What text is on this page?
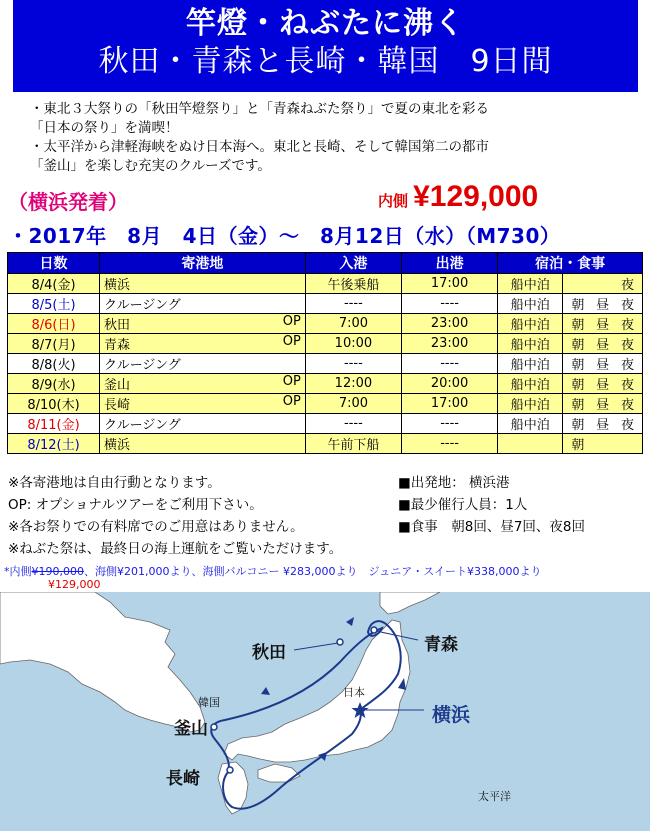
竿燈・ねぶたに沸く
秋田・青森と長崎・韓国　9日間
・東北３大祭りの「秋田竿燈祭り」と「青森ねぶた祭り」で夏の東北を彩る
「日本の祭り」を満喫！
・太平洋から津軽海峡をぬけ日本海へ。東北と長崎、そして韓国第二の都市
「釜山」を楽しむ充実のクルーズです。
（横浜発着）	内側 ¥129,000
・2017年　8月　4日（金）～　8月12日（水）（M730）
日数	寄港地	入港	出港	宿泊・食事	
8/4(金)	横浜	午後乗船	17:00	船中泊	夜

8/5(土)	クルージング	----	----	船中泊	朝 昼 夜

8/6(日)	秋田 OP	7:00	23:00	船中泊	朝 昼 夜

8/7(月)	青森 OP	10:00	23:00	船中泊	朝 昼 夜

8/8(火)	クルージング	----	----	船中泊	朝 昼 夜

8/9(水)	釜山 OP	12:00	20:00	船中泊	朝 昼 夜

8/10(木)	長崎 OP	7:00	17:00	船中泊	朝 昼 夜

8/11(金)	クルージング	----	----	船中泊	朝 昼 夜

8/12(土)	横浜	午前下船	----		朝
※各寄港地は自由行動となります。
OP: オプショナルツアーをご利用下さい。
※各お祭りでの有料席でのご用意はありません。
※ねぶた祭は、最終日の海上運航をご覧いただけます。
■出発地： 横浜港
■最少催行人員：1人
■食事　朝8回、昼7回、夜8回
*内側¥190,000、海側¥201,000より、海側バルコニー ¥283,000より　ジュニア・スイート¥338,000より
¥129,000
秋田	青森
韓国
釜山
日本
横浜
長崎
太平洋
